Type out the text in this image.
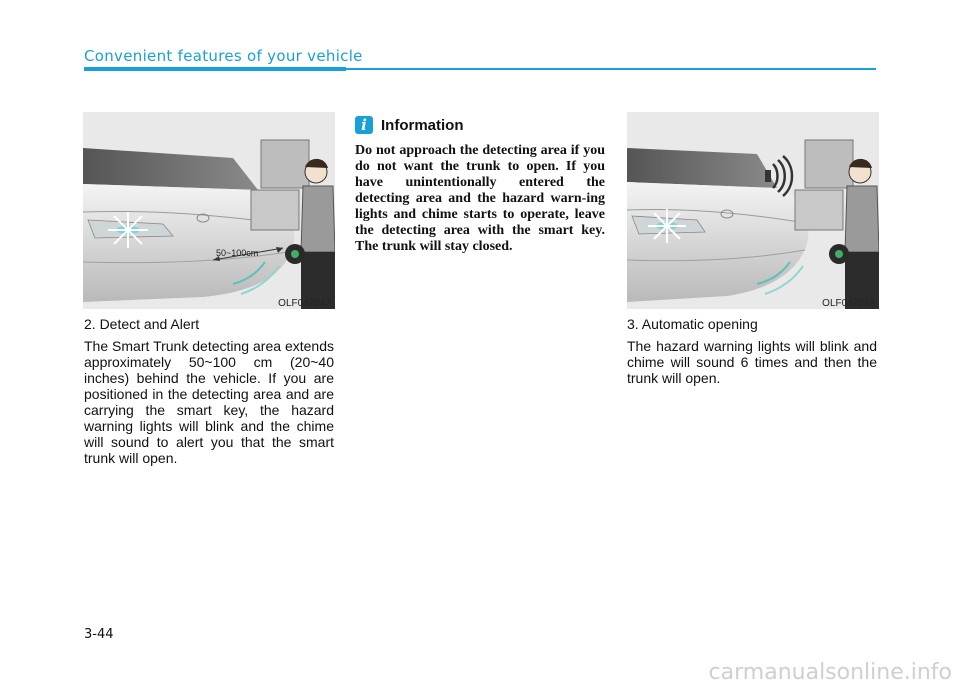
Convenient features of your vehicle
50~100cm
OLF047047

2. Detect and Alert

The Smart Trunk detecting area extends approximately 50~100 cm (20~40 inches) behind the vehicle. If you are positioned in the detecting area and are carrying the smart key, the hazard warning lights will blink and the chime will sound to alert you that the smart trunk will open.

i Information
Do not approach the detecting area if you do not want the trunk to open. If you have unintentionally entered the detecting area and the hazard warn-ing lights and chime starts to operate, leave the detecting area with the smart key. The trunk will stay closed.
OLF047048

3. Automatic opening

The hazard warning lights will blink and chime will sound 6 times and then the trunk will open.

3-44
carmanualsonline.info
